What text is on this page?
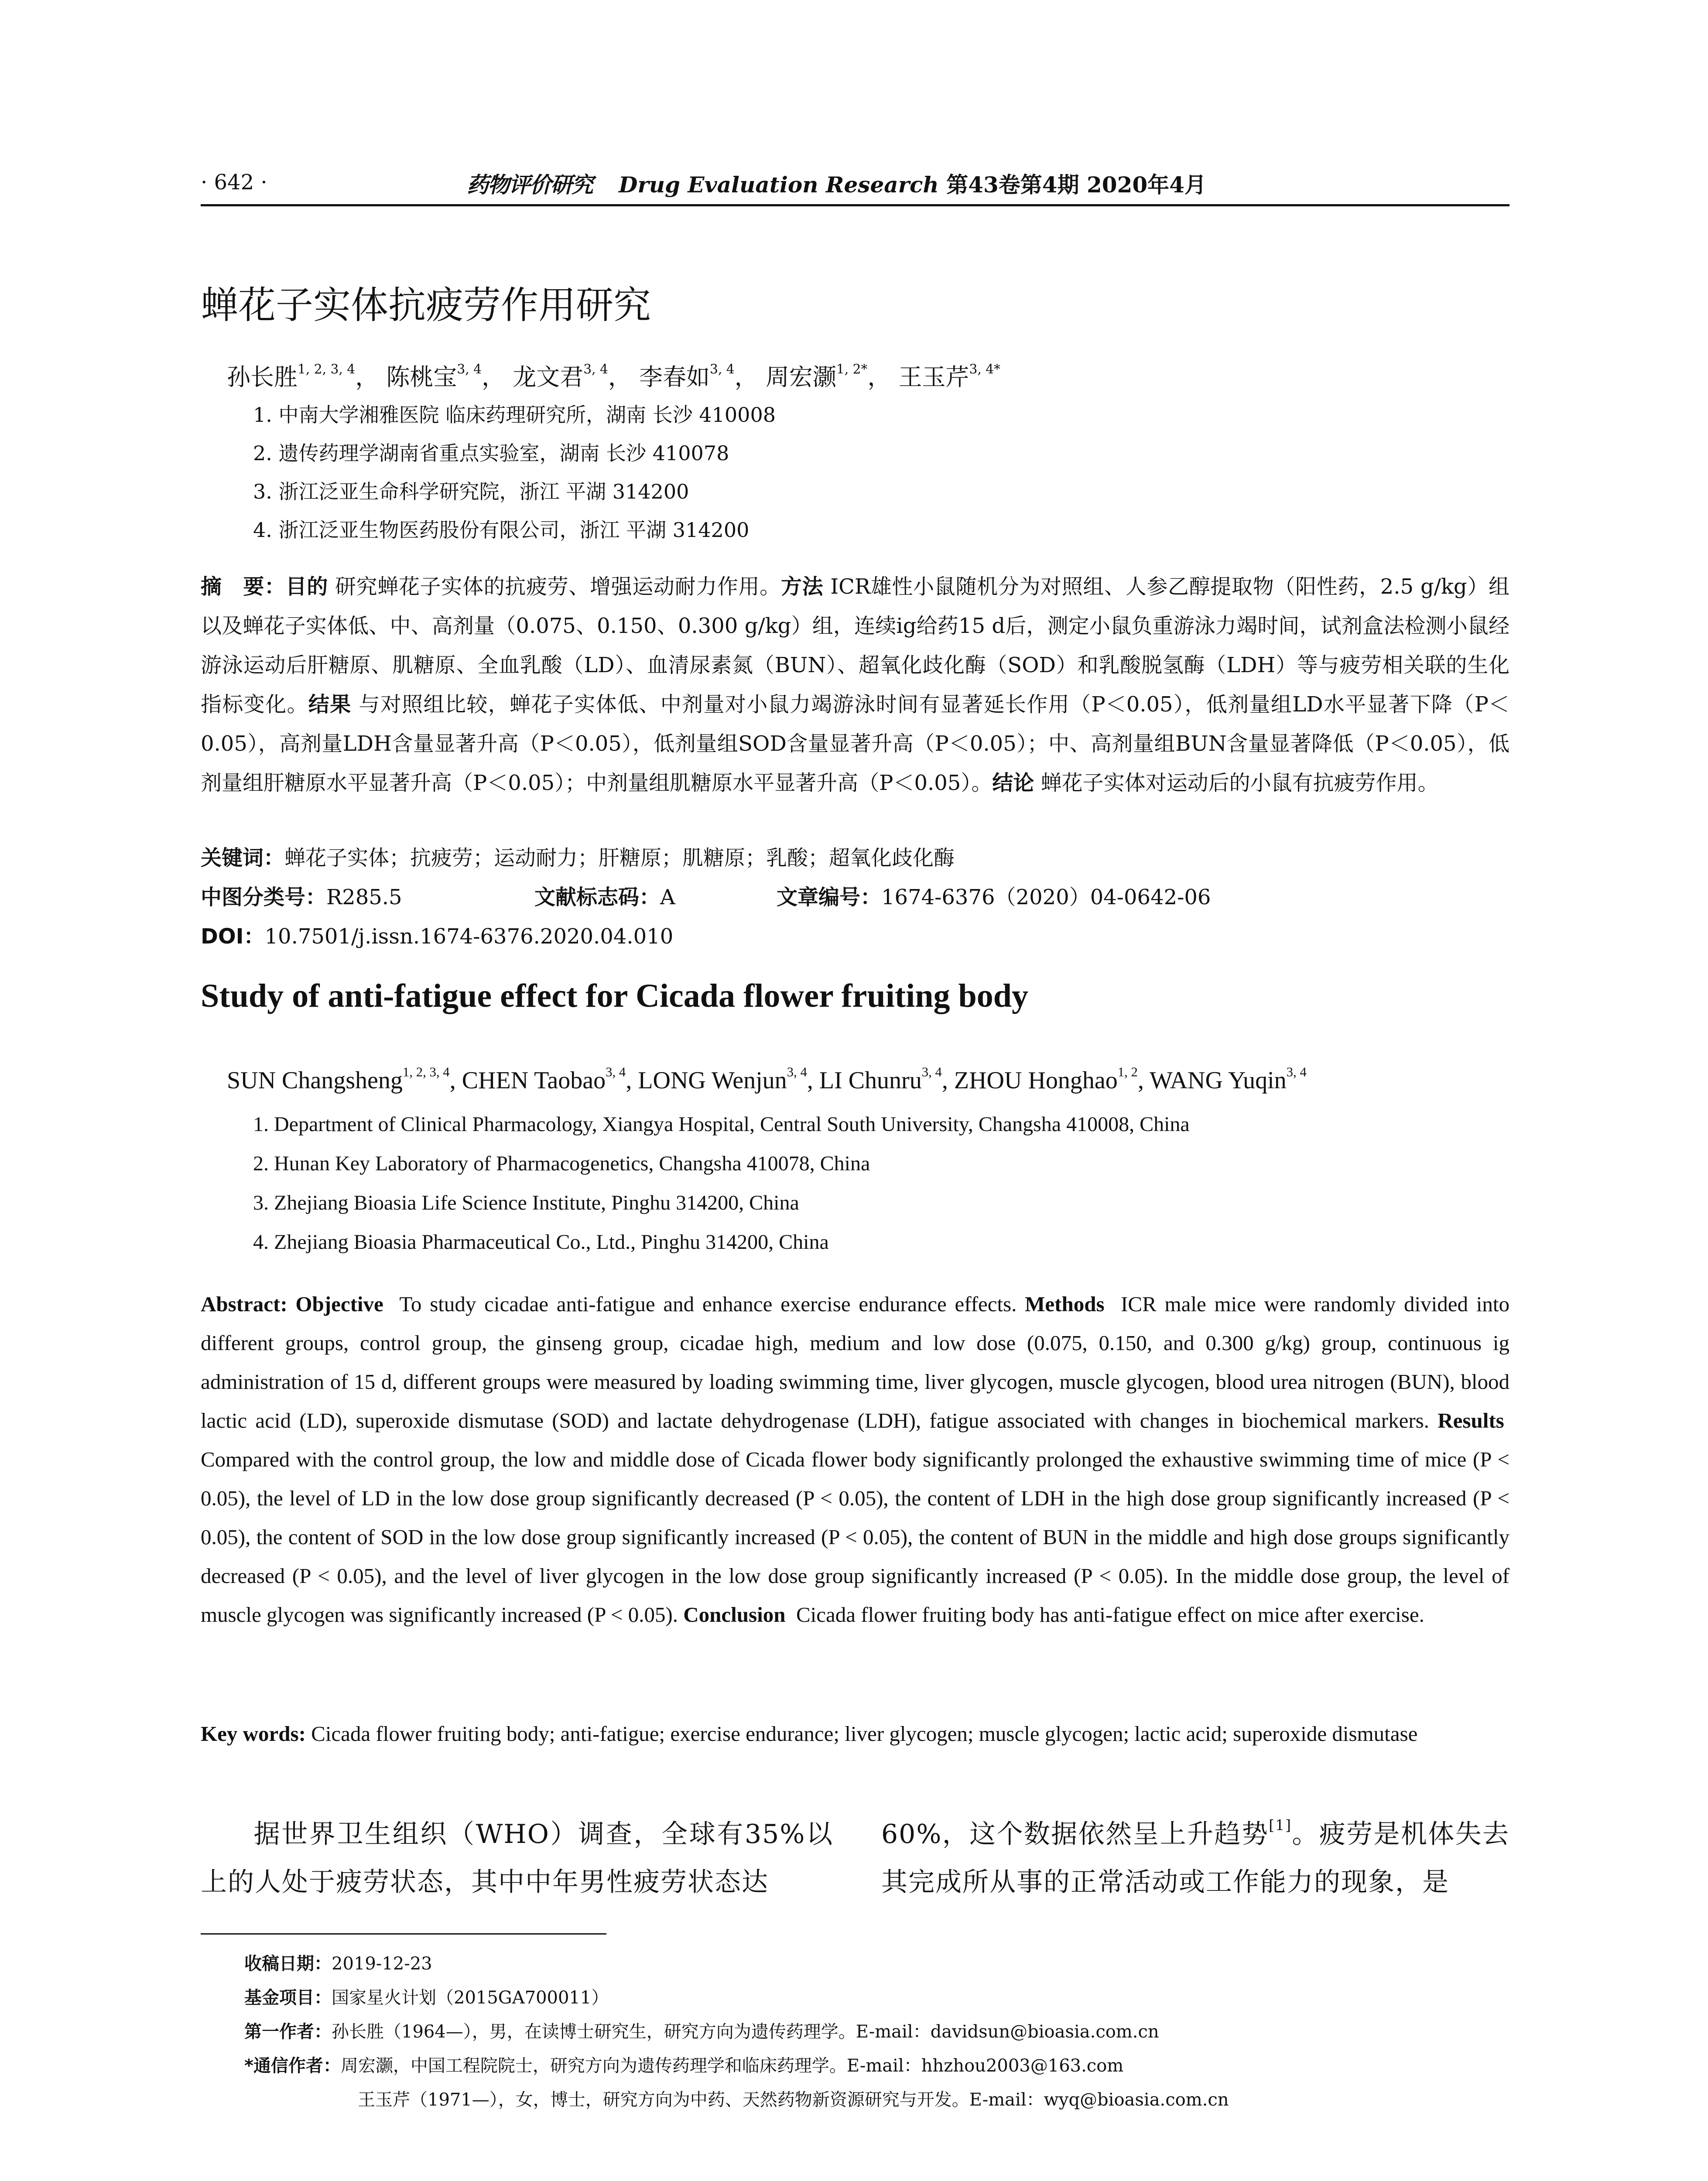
· 642 ·	药物评价研究 Drug Evaluation Research 第43卷第4期 2020年4月
蝉花子实体抗疲劳作用研究
孙长胜$^{1, 2, 3, 4}$， 陈桃宝$^{3, 4}$， 龙文君$^{3, 4}$， 李春如$^{3, 4}$， 周宏灏$^{1, 2*}$， 王玉芹$^{3, 4*}$
1. 中南大学湘雅医院 临床药理研究所，湖南 长沙 410008
2. 遗传药理学湖南省重点实验室，湖南 长沙 410078
3. 浙江泛亚生命科学研究院，浙江 平湖 314200
4. 浙江泛亚生物医药股份有限公司，浙江 平湖 314200
摘　要：目的 研究蝉花子实体的抗疲劳、增强运动耐力作用。方法 ICR雄性小鼠随机分为对照组、人参乙醇提取物（阳性药，2.5 g/kg）组以及蝉花子实体低、中、高剂量（0.075、0.150、0.300 g/kg）组，连续ig给药15 d后，测定小鼠负重游泳力竭时间，试剂盒法检测小鼠经游泳运动后肝糖原、肌糖原、全血乳酸（LD）、血清尿素氮（BUN）、超氧化歧化酶（SOD）和乳酸脱氢酶（LDH）等与疲劳相关联的生化指标变化。结果 与对照组比较，蝉花子实体低、中剂量对小鼠力竭游泳时间有显著延长作用（P＜0.05），低剂量组LD水平显著下降（P＜0.05），高剂量LDH含量显著升高（P＜0.05），低剂量组SOD含量显著升高（P＜0.05）；中、高剂量组BUN含量显著降低（P＜0.05），低剂量组肝糖原水平显著升高（P＜0.05）；中剂量组肌糖原水平显著升高（P＜0.05）。结论 蝉花子实体对运动后的小鼠有抗疲劳作用。
关键词：蝉花子实体；抗疲劳；运动耐力；肝糖原；肌糖原；乳酸；超氧化歧化酶
中图分类号：R285.5	文献标志码：A	文章编号：1674-6376（2020）04-0642-06
DOI：10.7501/j.issn.1674-6376.2020.04.010
Study of anti-fatigue effect for Cicada flower fruiting body
SUN Changsheng$^{1, 2, 3, 4}$, CHEN Taobao$^{3, 4}$, LONG Wenjun$^{3, 4}$, LI Chunru$^{3, 4}$, ZHOU Honghao$^{1, 2}$, WANG Yuqin$^{3, 4}$
1. Department of Clinical Pharmacology, Xiangya Hospital, Central South University, Changsha 410008, China
2. Hunan Key Laboratory of Pharmacogenetics, Changsha 410078, China
3. Zhejiang Bioasia Life Science Institute, Pinghu 314200, China
4. Zhejiang Bioasia Pharmaceutical Co., Ltd., Pinghu 314200, China
Abstract: Objective To study cicadae anti-fatigue and enhance exercise endurance effects. Methods ICR male mice were randomly divided into different groups, control group, the ginseng group, cicadae high, medium and low dose (0.075, 0.150, and 0.300 g/kg) group, continuous ig administration of 15 d, different groups were measured by loading swimming time, liver glycogen, muscle glycogen, blood urea nitrogen (BUN), blood lactic acid (LD), superoxide dismutase (SOD) and lactate dehydrogenase (LDH), fatigue associated with changes in biochemical markers. Results  Compared with the control group, the low and middle dose of Cicada flower body significantly prolonged the exhaustive swimming time of mice (P < 0.05), the level of LD in the low dose group significantly decreased (P < 0.05), the content of LDH in the high dose group significantly increased (P < 0.05), the content of SOD in the low dose group significantly increased (P < 0.05), the content of BUN in the middle and high dose groups significantly decreased (P < 0.05), and the level of liver glycogen in the low dose group significantly increased (P < 0.05). In the middle dose group, the level of muscle glycogen was significantly increased (P < 0.05). Conclusion Cicada flower fruiting body has anti-fatigue effect on mice after exercise.
Key words: Cicada flower fruiting body; anti-fatigue; exercise endurance; liver glycogen; muscle glycogen; lactic acid; superoxide dismutase
据世界卫生组织（WHO）调查，全球有35%以上的人处于疲劳状态，其中中年男性疲劳状态达
60%，这个数据依然呈上升趋势[1]。疲劳是机体失去其完成所从事的正常活动或工作能力的现象，是
收稿日期：2019-12-23
基金项目：国家星火计划（2015GA700011）
第一作者：孙长胜（1964—），男，在读博士研究生，研究方向为遗传药理学。E-mail：davidsun@bioasia.com.cn
*通信作者：周宏灏，中国工程院院士，研究方向为遗传药理学和临床药理学。E-mail：hhzhou2003@163.com
王玉芹（1971—），女，博士，研究方向为中药、天然药物新资源研究与开发。E-mail：wyq@bioasia.com.cn
